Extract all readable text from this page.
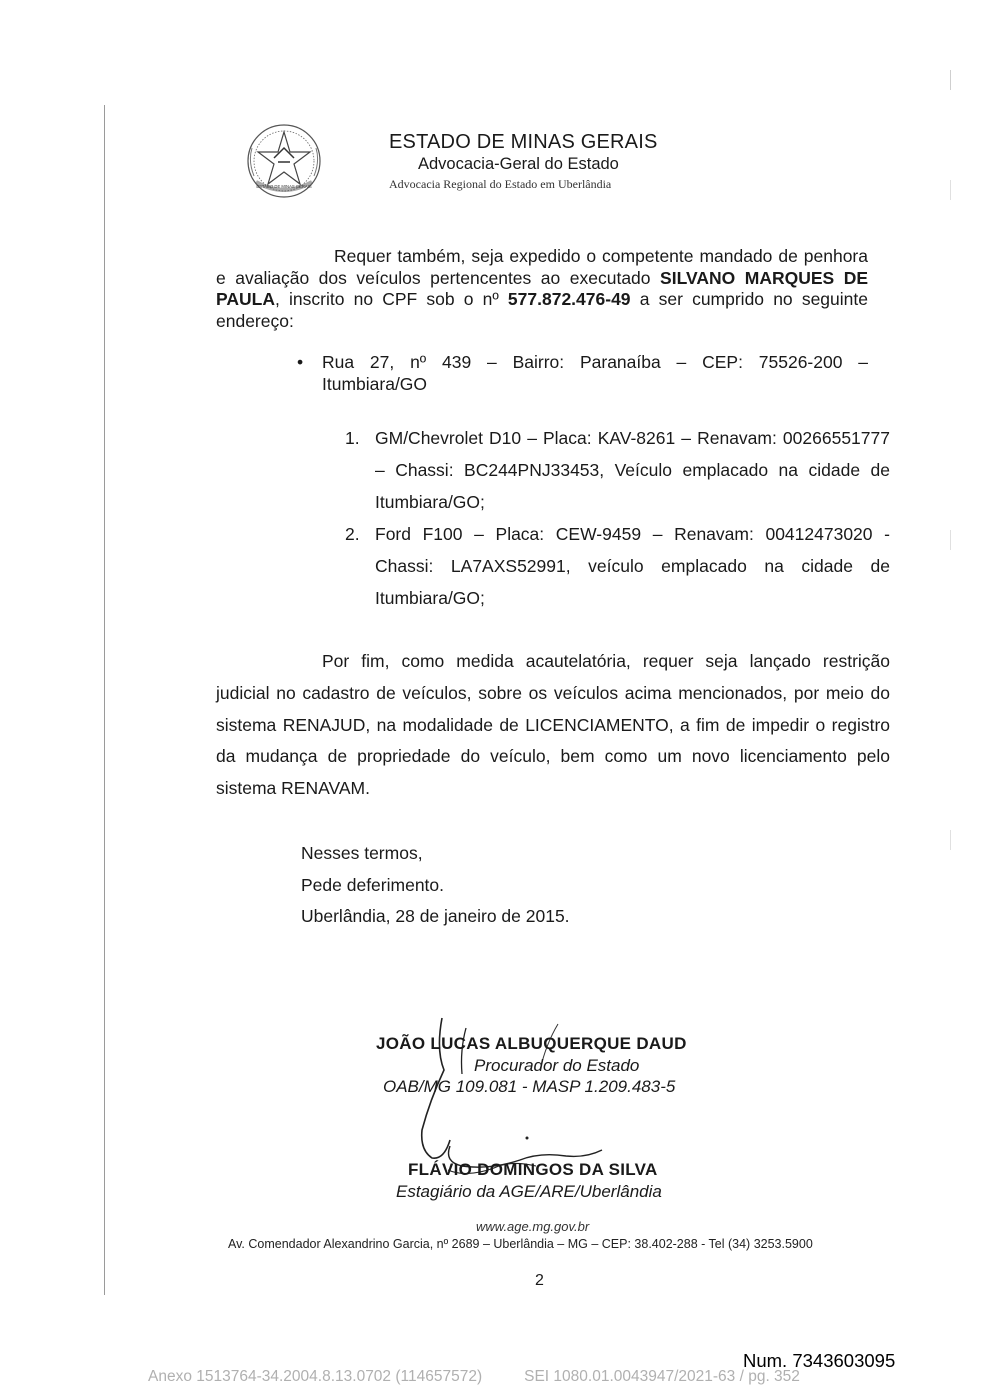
ESTADO DE MINAS GERAIS
ESTADO DE MINAS GERAIS
Advocacia-Geral do Estado
Advocacia Regional do Estado em Uberlândia
Requer também, seja expedido o competente mandado de penhora e avaliação dos veículos pertencentes ao executado SILVANO MARQUES DE PAULA, inscrito no CPF sob o nº 577.872.476-49 a ser cumprido no seguinte endereço:
• Rua 27, nº 439 – Bairro: Paranaíba – CEP: 75526-200 – Itumbiara/GO
1. GM/Chevrolet D10 – Placa: KAV-8261 – Renavam: 00266551777 – Chassi: BC244PNJ33453, Veículo emplacado na cidade de Itumbiara/GO;
2. Ford F100 – Placa: CEW-9459 – Renavam: 00412473020 - Chassi: LA7AXS52991, veículo emplacado na cidade de Itumbiara/GO;
Por fim, como medida acautelatória, requer seja lançado restrição judicial no cadastro de veículos, sobre os veículos acima mencionados, por meio do sistema RENAJUD, na modalidade de LICENCIAMENTO, a fim de impedir o registro da mudança de propriedade do veículo, bem como um novo licenciamento pelo sistema RENAVAM.
Nesses termos,
Pede deferimento.
Uberlândia, 28 de janeiro de 2015.
JOÃO LUCAS ALBUQUERQUE DAUD
Procurador do Estado
OAB/MG 109.081 - MASP 1.209.483-5
FLÁVIO DOMINGOS DA SILVA
Estagiário da AGE/ARE/Uberlândia
www.age.mg.gov.br
Av. Comendador Alexandrino Garcia, nº 2689 – Uberlândia – MG – CEP: 38.402-288 - Tel (34) 3253.5900
2
Num. 7343603095
Anexo 1513764-34.2004.8.13.0702 (114657572)	SEI 1080.01.0043947/2021-63 / pg. 352
